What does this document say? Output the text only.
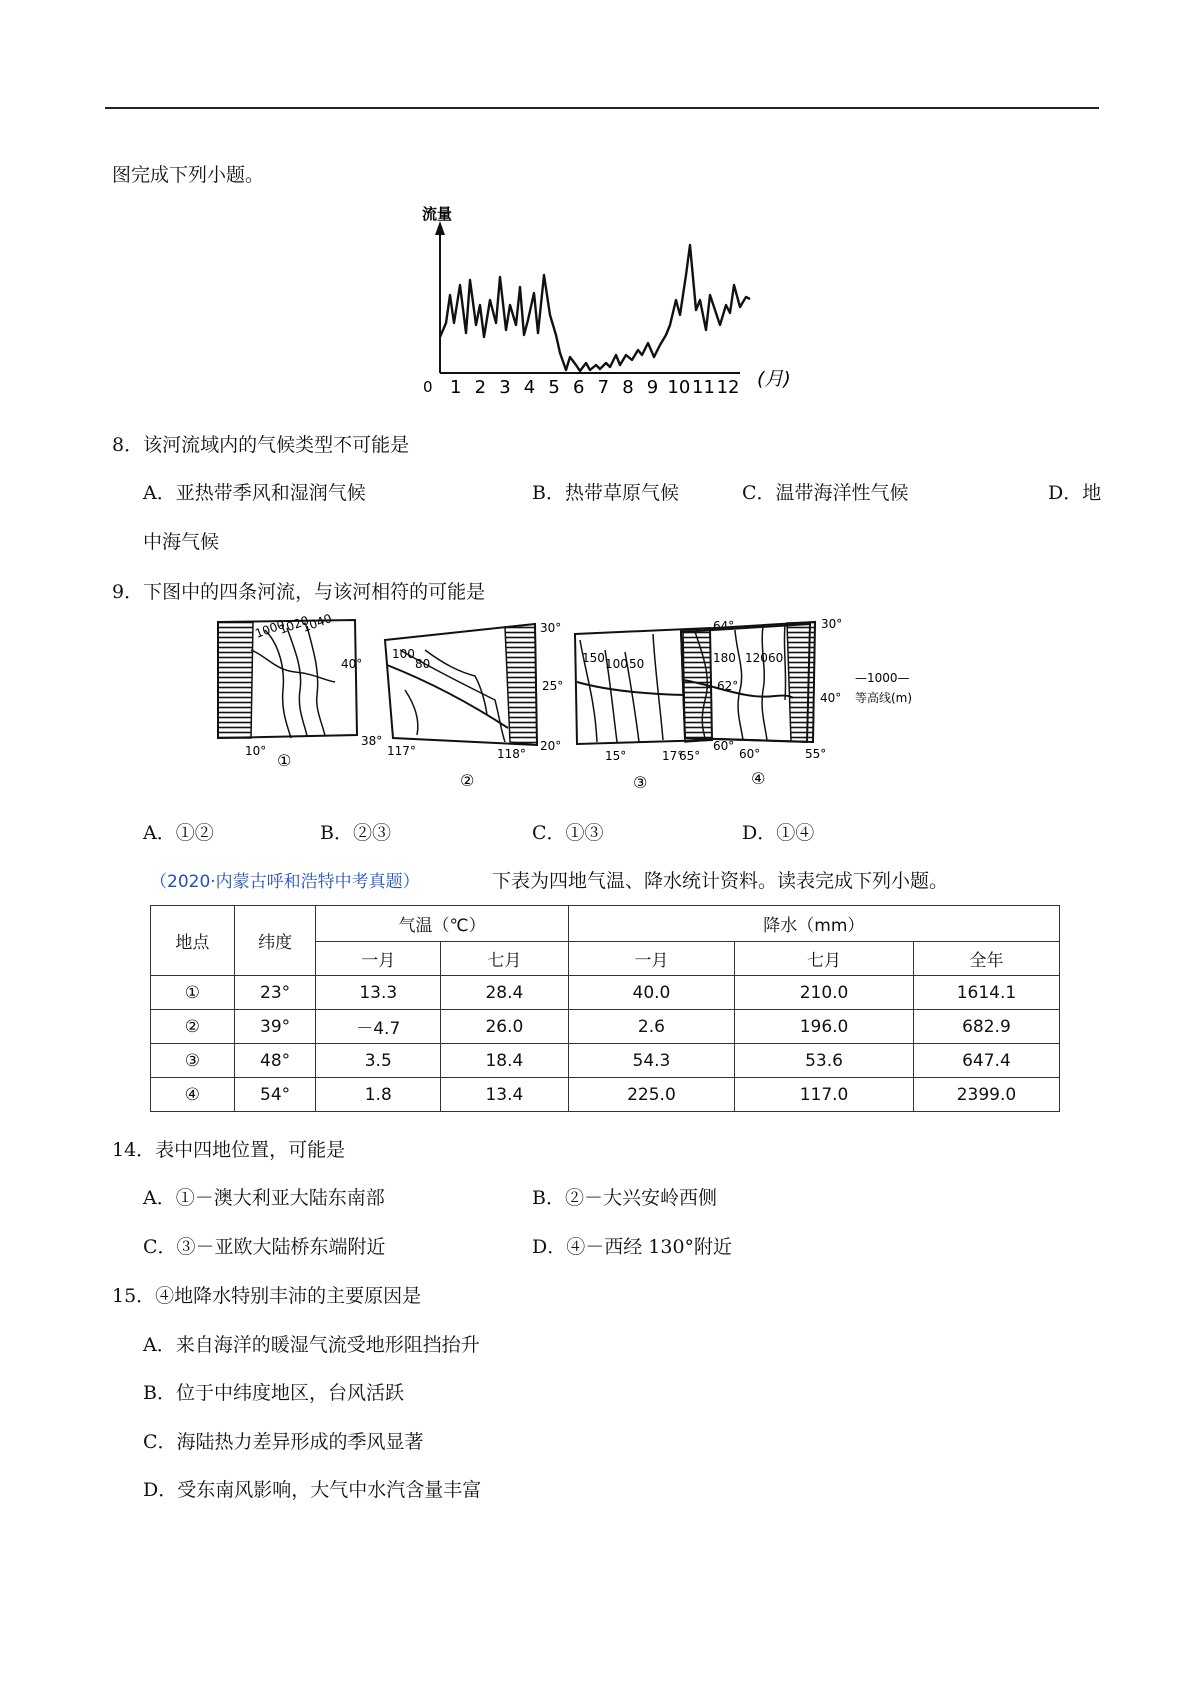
图完成下列小题。
流量
0 1 2 3 4 5 6 7 8 9 10 11 12 (月)
8．该河流域内的气候类型不可能是
A．亚热带季风和湿润气候	B．热带草原气候	C．温带海洋性气候	D．地
中海气候
9．下图中的四条河流，与该河相符的可能是
1000
1020
1040
40°
38°
10° ①
100
80
30°
25°
20°
117°	118°
②
150 100 50
64°
62°
60°
15°	17°
③
180 120 60
30°
40°
65°	60°	55°
④
—1000—
等高线(m)
A．①②	B．②③	C．①③	D．①④
（2020·内蒙古呼和浩特中考真题）	下表为四地气温、降水统计资料。读表完成下列小题。
地点	纬度	气温（℃）		降水（mm）		
		一月	七月	一月	七月	全年
①	23°	13.3	28.4	40.0	210.0	1614.1
②	39°	－4.7	26.0	2.6	196.0	682.9
③	48°	3.5	18.4	54.3	53.6	647.4
④	54°	1.8	13.4	225.0	117.0	2399.0
14．表中四地位置，可能是
A．①－澳大利亚大陆东南部	B．②－大兴安岭西侧
C．③－亚欧大陆桥东端附近	D．④－西经 130°附近
15．④地降水特别丰沛的主要原因是
A．来自海洋的暖湿气流受地形阻挡抬升
B．位于中纬度地区，台风活跃
C．海陆热力差异形成的季风显著
D．受东南风影响，大气中水汽含量丰富
